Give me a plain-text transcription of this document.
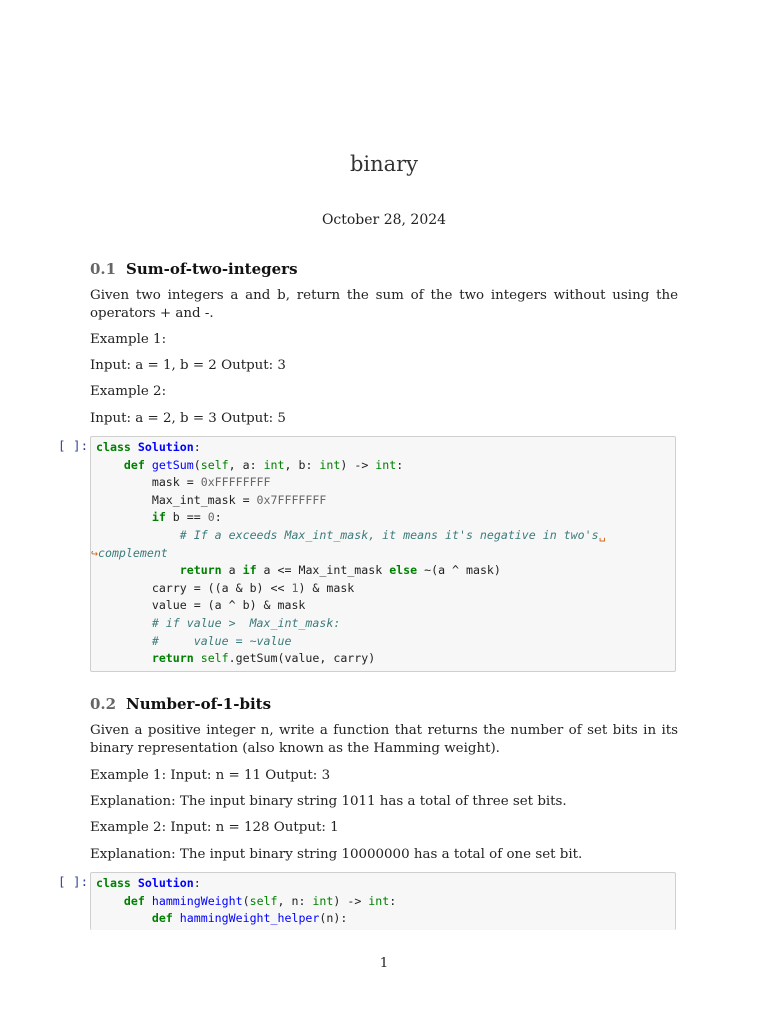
binary
October 28, 2024
0.1 Sum-of-two-integers
Given two integers a and b, return the sum of the two integers without using the operators + and -.
Example 1:
Input: a = 1, b = 2 Output: 3
Example 2:
Input: a = 2, b = 3 Output: 5
[ ]: class Solution:
def getSum(self, a: int, b: int) -> int:
mask = 0xFFFFFFFF
Max_int_mask = 0x7FFFFFFF
if b == 0:
# If a exceeds Max_int_mask, it means it's negative in two's␣
↪complement
return a if a <= Max_int_mask else ~(a ^ mask)
carry = ((a & b) << 1) & mask
value = (a ^ b) & mask
# if value >  Max_int_mask:
#     value = ~value
return self.getSum(value, carry)
0.2 Number-of-1-bits
Given a positive integer n, write a function that returns the number of set bits in its binary representation (also known as the Hamming weight).
Example 1: Input: n = 11 Output: 3
Explanation: The input binary string 1011 has a total of three set bits.
Example 2: Input: n = 128 Output: 1
Explanation: The input binary string 10000000 has a total of one set bit.
[ ]: class Solution:
def hammingWeight(self, n: int) -> int:
def hammingWeight_helper(n):
1
